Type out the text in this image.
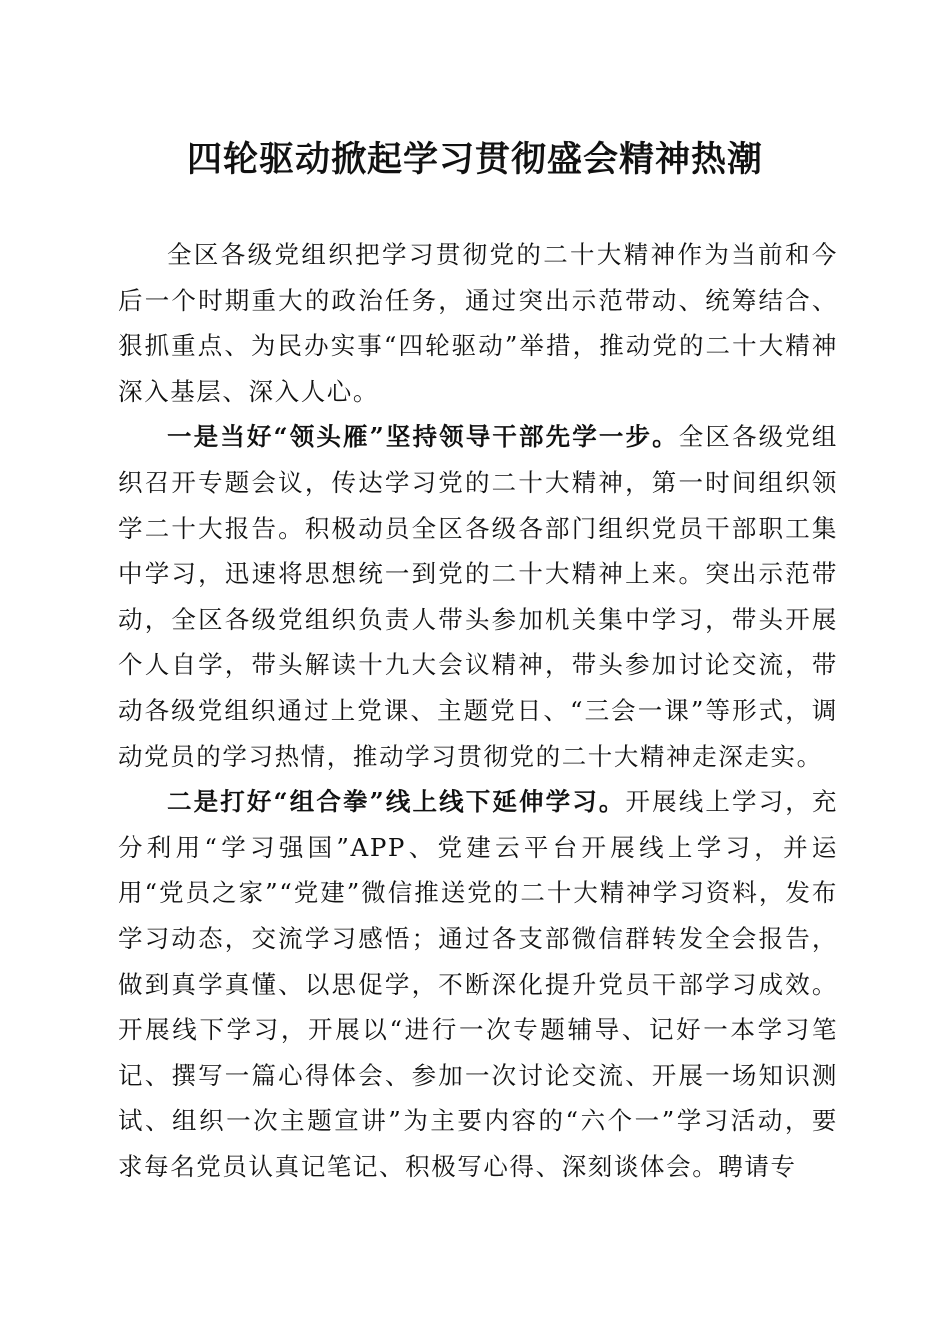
四轮驱动掀起学习贯彻盛会精神热潮

全区各级党组织把学习贯彻党的二十大精神作为当前和今后一个时期重大的政治任务，通过突出示范带动、统筹结合、狠抓重点、为民办实事“四轮驱动”举措，推动党的二十大精神深入基层、深入人心。

一是当好“领头雁”坚持领导干部先学一步。全区各级党组织召开专题会议，传达学习党的二十大精神，第一时间组织领学二十大报告。积极动员全区各级各部门组织党员干部职工集中学习，迅速将思想统一到党的二十大精神上来。突出示范带动，全区各级党组织负责人带头参加机关集中学习，带头开展个人自学，带头解读十九大会议精神，带头参加讨论交流，带动各级党组织通过上党课、主题党日、“三会一课”等形式，调动党员的学习热情，推动学习贯彻党的二十大精神走深走实。

二是打好“组合拳”线上线下延伸学习。开展线上学习，充分利用“学习强国”APP、党建云平台开展线上学习，并运用“党员之家”“党建”微信推送党的二十大精神学习资料，发布学习动态，交流学习感悟；通过各支部微信群转发全会报告，做到真学真懂、以思促学，不断深化提升党员干部学习成效。开展线下学习，开展以“进行一次专题辅导、记好一本学习笔记、撰写一篇心得体会、参加一次讨论交流、开展一场知识测试、组织一次主题宣讲”为主要内容的“六个一”学习活动，要求每名党员认真记笔记、积极写心得、深刻谈体会。聘请专
